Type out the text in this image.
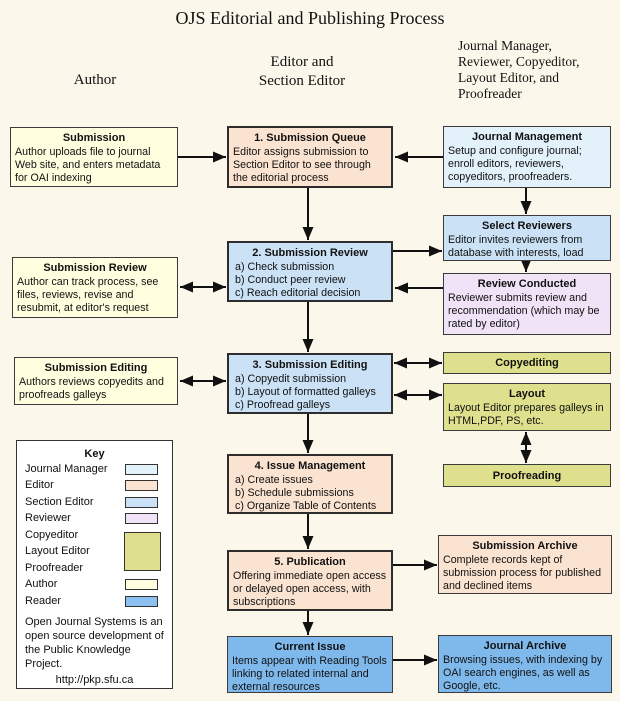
OJS Editorial and Publishing Process
Author
Editor and
Section Editor
Journal Manager,
Reviewer, Copyeditor,
Layout Editor, and
Proofreader
Submission
Author uploads file to journal Web site, and enters metadata for OAI indexing
1. Submission Queue
Editor assigns submission to Section Editor to see through the editorial process
Journal Management
Setup and configure journal; enroll editors, reviewers, copyeditors, proofreaders.
Select Reviewers
Editor invites reviewers from database with interests, load
Review Conducted
Reviewer submits review and recommendation (which may be rated by editor)
2. Submission Review
a) Check submission
b) Conduct peer review
c) Reach editorial decision
Submission Review
Author can track process, see files, reviews, revise and resubmit, at editor's request
3. Submission Editing
a) Copyedit submission
b) Layout of formatted galleys
c) Proofread galleys
Submission Editing
Authors reviews copyedits and proofreads galleys
Copyediting
Layout
Layout Editor prepares galleys in HTML,PDF, PS, etc.
Proofreading
4. Issue Management
a) Create issues
b) Schedule submissions
c) Organize Table of Contents
5. Publication
Offering immediate open access or delayed open access, with subscriptions
Submission Archive
Complete records kept of submission process for published and declined items
Current Issue
Items appear with Reading Tools linking to related internal and external resources
Journal Archive
Browsing issues, with indexing by OAI search engines, as well as Google, etc.
Key
Journal Manager
Editor
Section Editor
Reviewer
Copyeditor
Layout Editor
Proofreader
Author
Reader
Open Journal Systems is an open source development of the Public Knowledge Project.
http://pkp.sfu.ca
